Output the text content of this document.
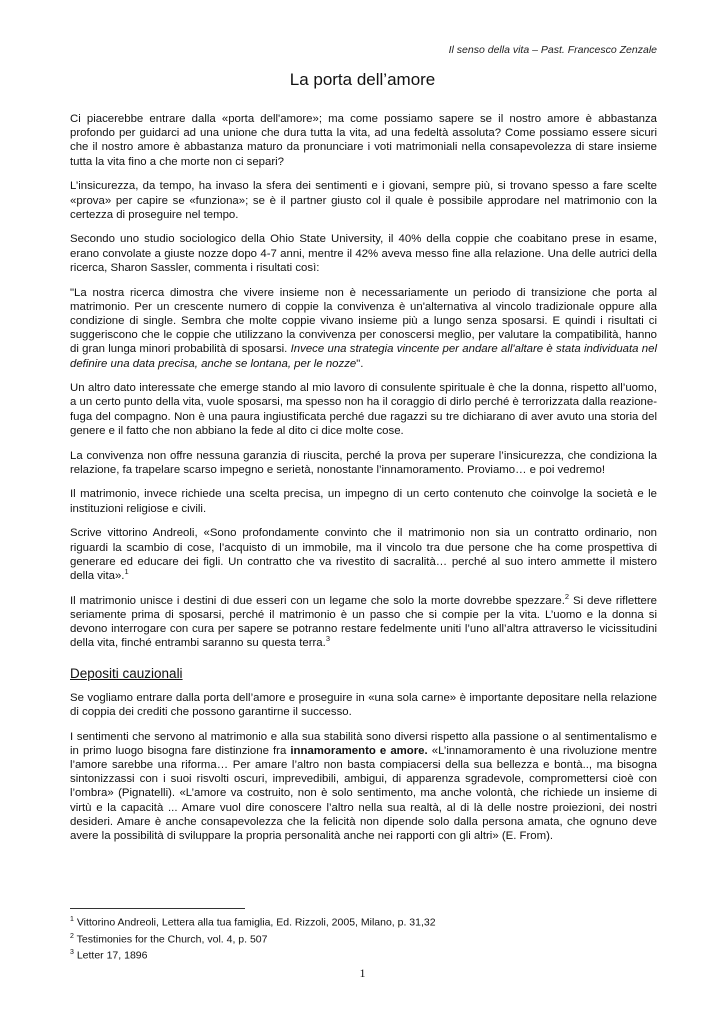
Il senso della vita – Past. Francesco Zenzale
La porta dell’amore

Ci piacerebbe entrare dalla «porta dell'amore»; ma come possiamo sapere se il nostro amore è abbastanza profondo per guidarci ad una unione che dura tutta la vita, ad una fedeltà assoluta? Come possiamo essere sicuri che il nostro amore è abbastanza maturo da pronunciare i voti matrimoniali nella consapevolezza di stare insieme tutta la vita fino a che morte non ci separi?

L’insicurezza, da tempo, ha invaso la sfera dei sentimenti e i giovani, sempre più, si trovano spesso a fare scelte «prova» per capire se «funziona»; se è il partner giusto col il quale è possibile approdare nel matrimonio con la certezza di proseguire nel tempo.

Secondo uno studio sociologico della Ohio State University, il 40% della coppie che coabitano prese in esame, erano convolate a giuste nozze dopo 4-7 anni, mentre il 42% aveva messo fine alla relazione. Una delle autrici della ricerca, Sharon Sassler, commenta i risultati così:

"La nostra ricerca dimostra che vivere insieme non è necessariamente un periodo di transizione che porta al matrimonio. Per un crescente numero di coppie la convivenza è un'alternativa al vincolo tradizionale oppure alla condizione di single. Sembra che molte coppie vivano insieme più a lungo senza sposarsi. E quindi i risultati ci suggeriscono che le coppie che utilizzano la convivenza per conoscersi meglio, per valutare la compatibilità, hanno di gran lunga minori probabilità di sposarsi. Invece una strategia vincente per andare all'altare è stata individuata nel definire una data precisa, anche se lontana, per le nozze".

Un altro dato interessate che emerge stando al mio lavoro di consulente spirituale è che la donna, rispetto all’uomo, a un certo punto della vita, vuole sposarsi, ma spesso non ha il coraggio di dirlo perché è terrorizzata dalla reazione-fuga del compagno. Non è una paura ingiustificata perché due ragazzi su tre dichiarano di aver avuto una storia del genere e il fatto che non abbiano la fede al dito ci dice molte cose.

La convivenza non offre nessuna garanzia di riuscita, perché la prova per superare l’insicurezza, che condiziona la relazione, fa trapelare scarso impegno e serietà, nonostante l’innamoramento. Proviamo… e poi vedremo!

Il matrimonio, invece richiede una scelta precisa, un impegno di un certo contenuto che coinvolge la società e le instituzioni religiose e civili.

Scrive vittorino Andreoli, «Sono profondamente convinto che il matrimonio non sia un contratto ordinario, non riguardi la scambio di cose, l’acquisto di un immobile, ma il vincolo tra due persone che ha come prospettiva di generare ed educare dei figli. Un contratto che va rivestito di sacralità… perché al suo intero ammette il mistero della vita».$^1$

Il matrimonio unisce i destini di due esseri con un legame che solo la morte dovrebbe spezzare.$^2$ Si deve riflettere seriamente prima di sposarsi, perché il matrimonio è un passo che si compie per la vita. L’uomo e la donna si devono interrogare con cura per sapere se potranno restare fedelmente uniti l’uno all’altra attraverso le vicissitudini della vita, finché entrambi saranno su questa terra.$^3$

Depositi cauzionali

Se vogliamo entrare dalla porta dell’amore e proseguire in «una sola carne» è importante depositare nella relazione di coppia dei crediti che possono garantirne il successo.

I sentimenti che servono al matrimonio e alla sua stabilità sono diversi rispetto alla passione o al sentimentalismo e in primo luogo bisogna fare distinzione fra innamoramento e amore. «L’innamoramento è una rivoluzione mentre l’amore sarebbe una riforma… Per amare l’altro non basta compiacersi della sua bellezza e bontà.., ma bisogna sintonizzassi con i suoi risvolti oscuri, imprevedibili, ambigui, di apparenza sgradevole, compromettersi cioè con l’ombra» (Pignatelli). «L’amore va costruito, non è solo sentimento, ma anche volontà, che richiede un insieme di virtù e la capacità ... Amare vuol dire conoscere l’altro nella sua realtà, al di là delle nostre proiezioni, dei nostri desideri. Amare è anche consapevolezza che la felicità non dipende solo dalla persona amata, che ognuno deve avere la possibilità di sviluppare la propria personalità anche nei rapporti con gli altri» (E. From).

$^1$ Vittorino Andreoli, Lettera alla tua famiglia, Ed. Rizzoli, 2005, Milano, p. 31,32
$^2$ Testimonies for the Church, vol. 4, p. 507
$^3$ Letter 17, 1896
1
